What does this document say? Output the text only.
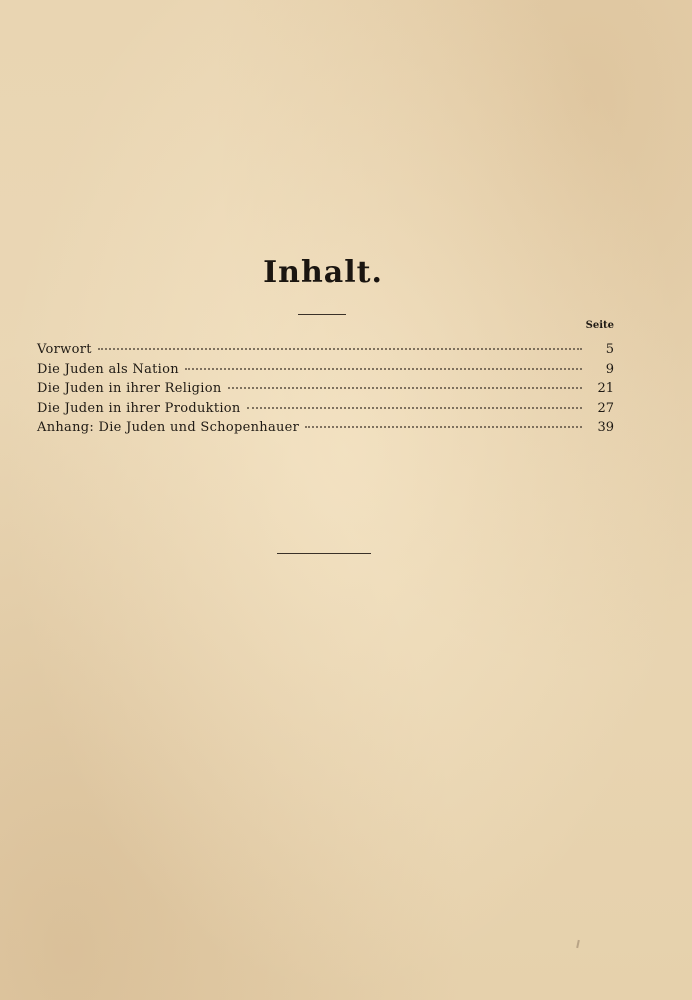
Inhalt.
Seite
Vorwort	5
Die Juden als Nation	9
Die Juden in ihrer Religion	21
Die Juden in ihrer Produktion	27
Anhang: Die Juden und Schopenhauer	39
